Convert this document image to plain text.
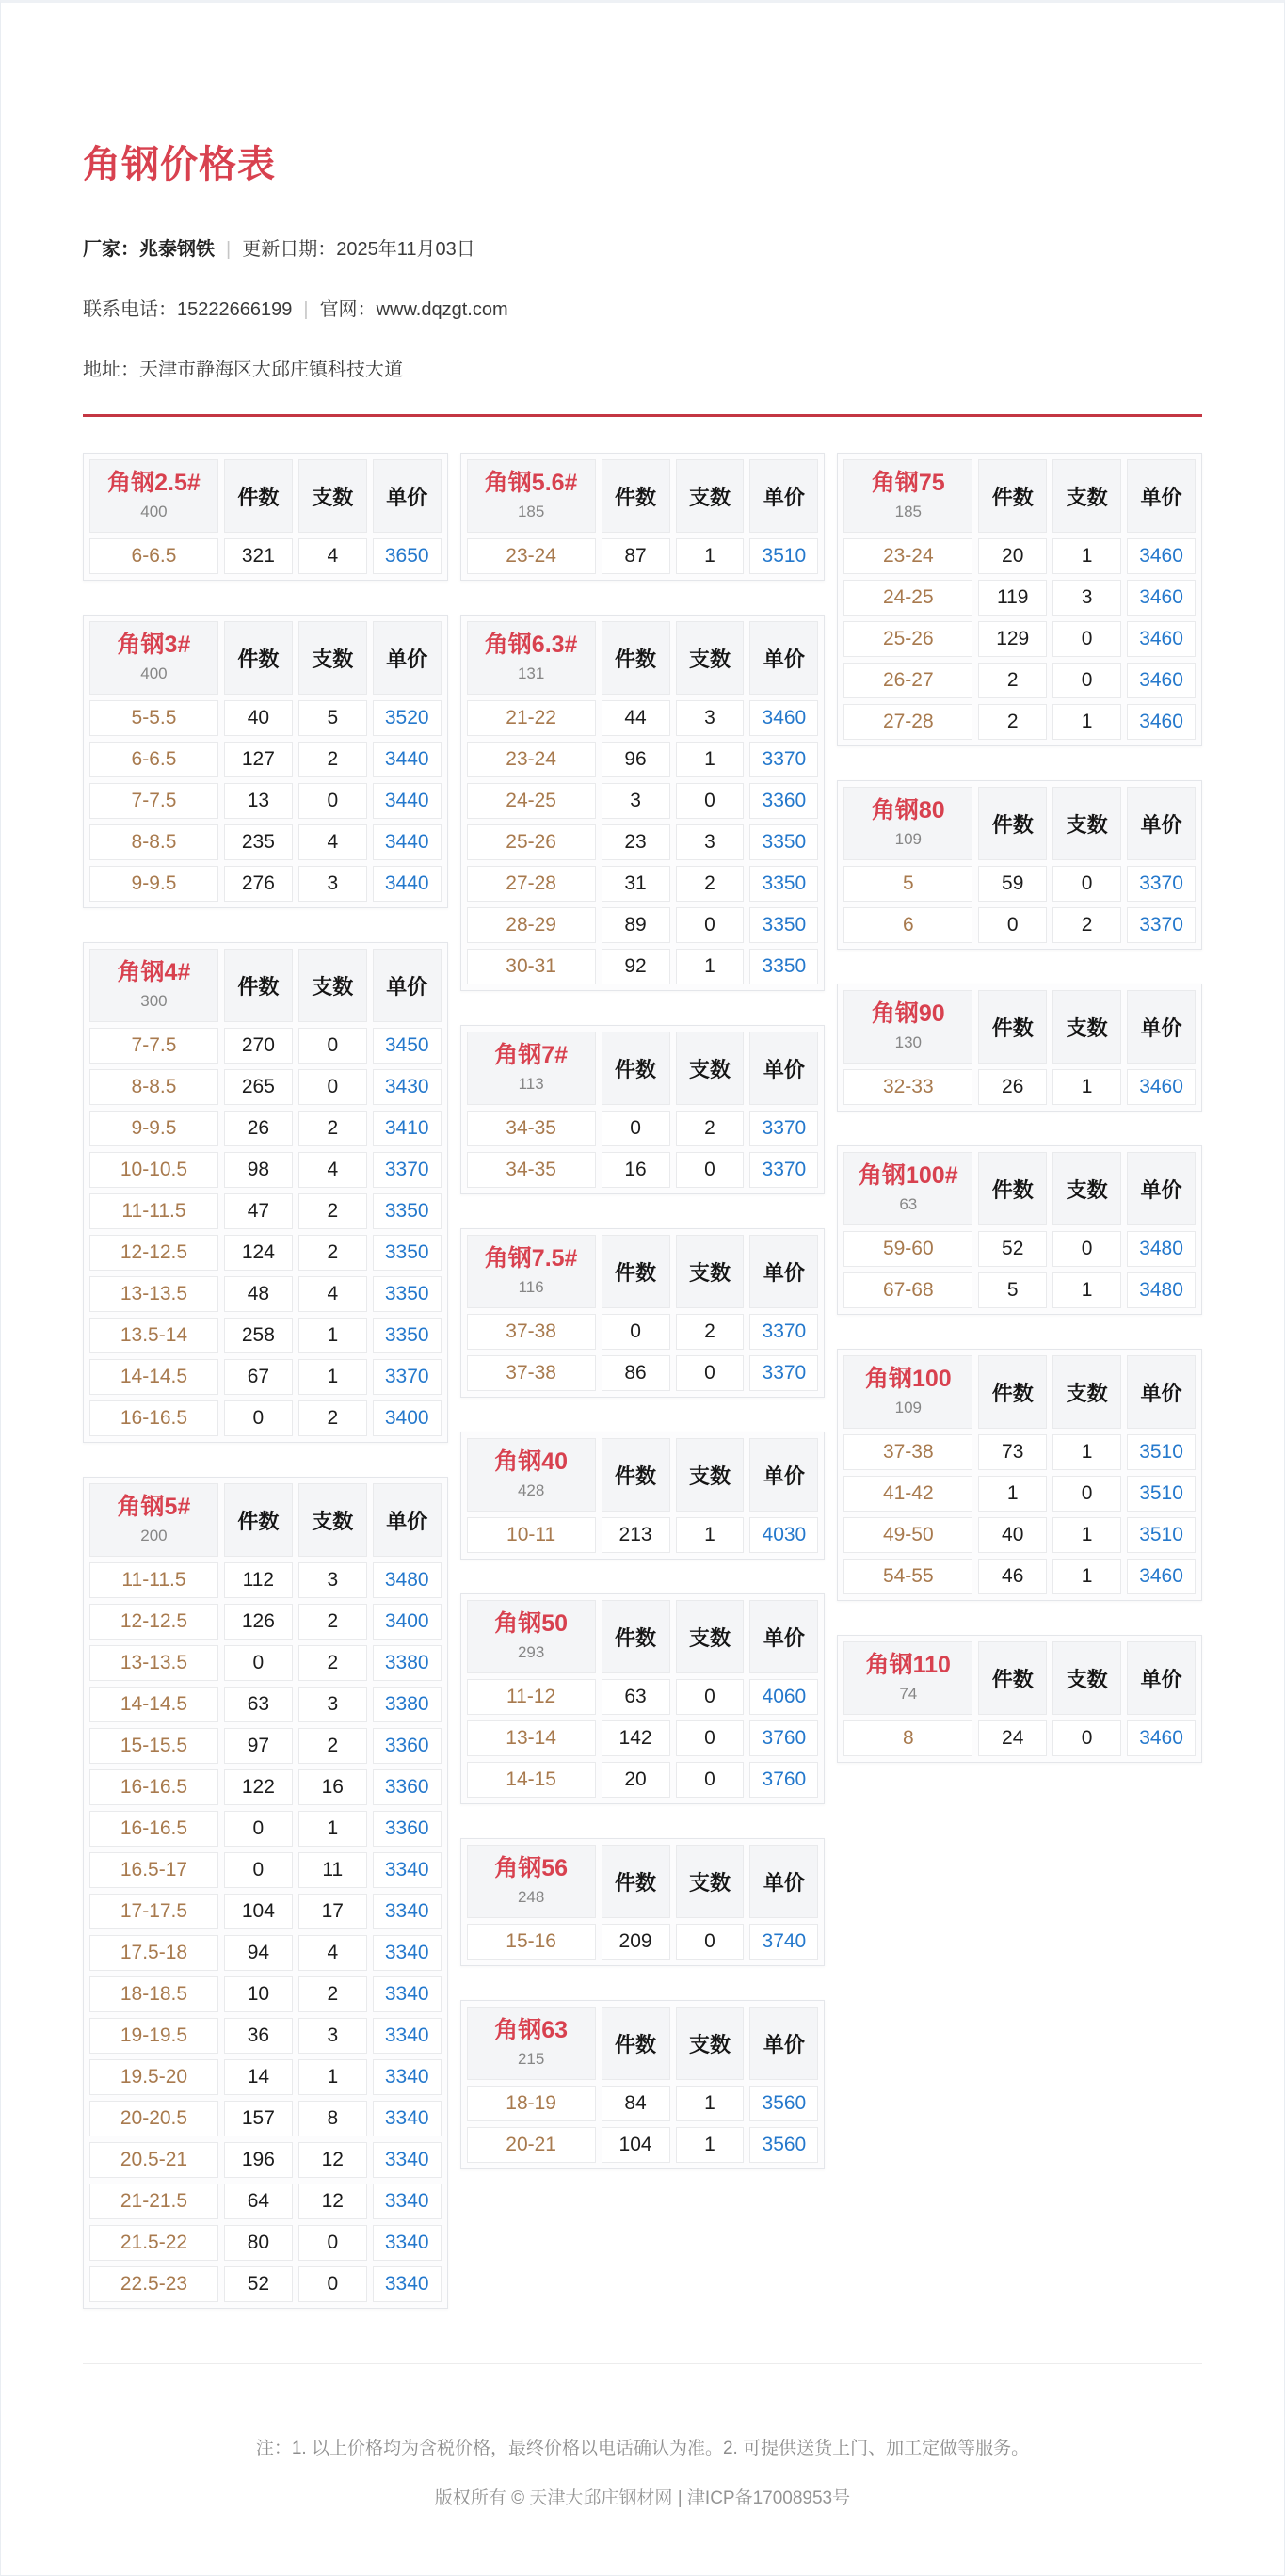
角钢价格表
厂家：兆泰钢铁 | 更新日期：2025年11月03日
联系电话：15222666199 | 官网：www.dqzgt.com
地址：天津市静海区大邱庄镇科技大道
角钢2.5#
400	件数	支数	单价
6-6.5	321	4	3650
角钢3#
400	件数	支数	单价
5-5.5	40	5	3520
6-6.5	127	2	3440
7-7.5	13	0	3440
8-8.5	235	4	3440
9-9.5	276	3	3440
角钢4#
300	件数	支数	单价
7-7.5	270	0	3450
8-8.5	265	0	3430
9-9.5	26	2	3410
10-10.5	98	4	3370
11-11.5	47	2	3350
12-12.5	124	2	3350
13-13.5	48	4	3350
13.5-14	258	1	3350
14-14.5	67	1	3370
16-16.5	0	2	3400
角钢5#
200	件数	支数	单价
11-11.5	112	3	3480
12-12.5	126	2	3400
13-13.5	0	2	3380
14-14.5	63	3	3380
15-15.5	97	2	3360
16-16.5	122	16	3360
16-16.5	0	1	3360
16.5-17	0	11	3340
17-17.5	104	17	3340
17.5-18	94	4	3340
18-18.5	10	2	3340
19-19.5	36	3	3340
19.5-20	14	1	3340
20-20.5	157	8	3340
20.5-21	196	12	3340
21-21.5	64	12	3340
21.5-22	80	0	3340
22.5-23	52	0	3340
角钢5.6#
185	件数	支数	单价
23-24	87	1	3510
角钢6.3#
131	件数	支数	单价
21-22	44	3	3460
23-24	96	1	3370
24-25	3	0	3360
25-26	23	3	3350
27-28	31	2	3350
28-29	89	0	3350
30-31	92	1	3350
角钢7#
113	件数	支数	单价
34-35	0	2	3370
34-35	16	0	3370
角钢7.5#
116	件数	支数	单价
37-38	0	2	3370
37-38	86	0	3370
角钢40
428	件数	支数	单价
10-11	213	1	4030
角钢50
293	件数	支数	单价
11-12	63	0	4060
13-14	142	0	3760
14-15	20	0	3760
角钢56
248	件数	支数	单价
15-16	209	0	3740
角钢63
215	件数	支数	单价
18-19	84	1	3560
20-21	104	1	3560
角钢75
185	件数	支数	单价
23-24	20	1	3460
24-25	119	3	3460
25-26	129	0	3460
26-27	2	0	3460
27-28	2	1	3460
角钢80
109	件数	支数	单价
5	59	0	3370
6	0	2	3370
角钢90
130	件数	支数	单价
32-33	26	1	3460
角钢100#
63	件数	支数	单价
59-60	52	0	3480
67-68	5	1	3480
角钢100
109	件数	支数	单价
37-38	73	1	3510
41-42	1	0	3510
49-50	40	1	3510
54-55	46	1	3460
角钢110
74	件数	支数	单价
8	24	0	3460
注：1. 以上价格均为含税价格，最终价格以电话确认为准。2. 可提供送货上门、加工定做等服务。
版权所有 © 天津大邱庄钢材网 | 津ICP备17008953号
